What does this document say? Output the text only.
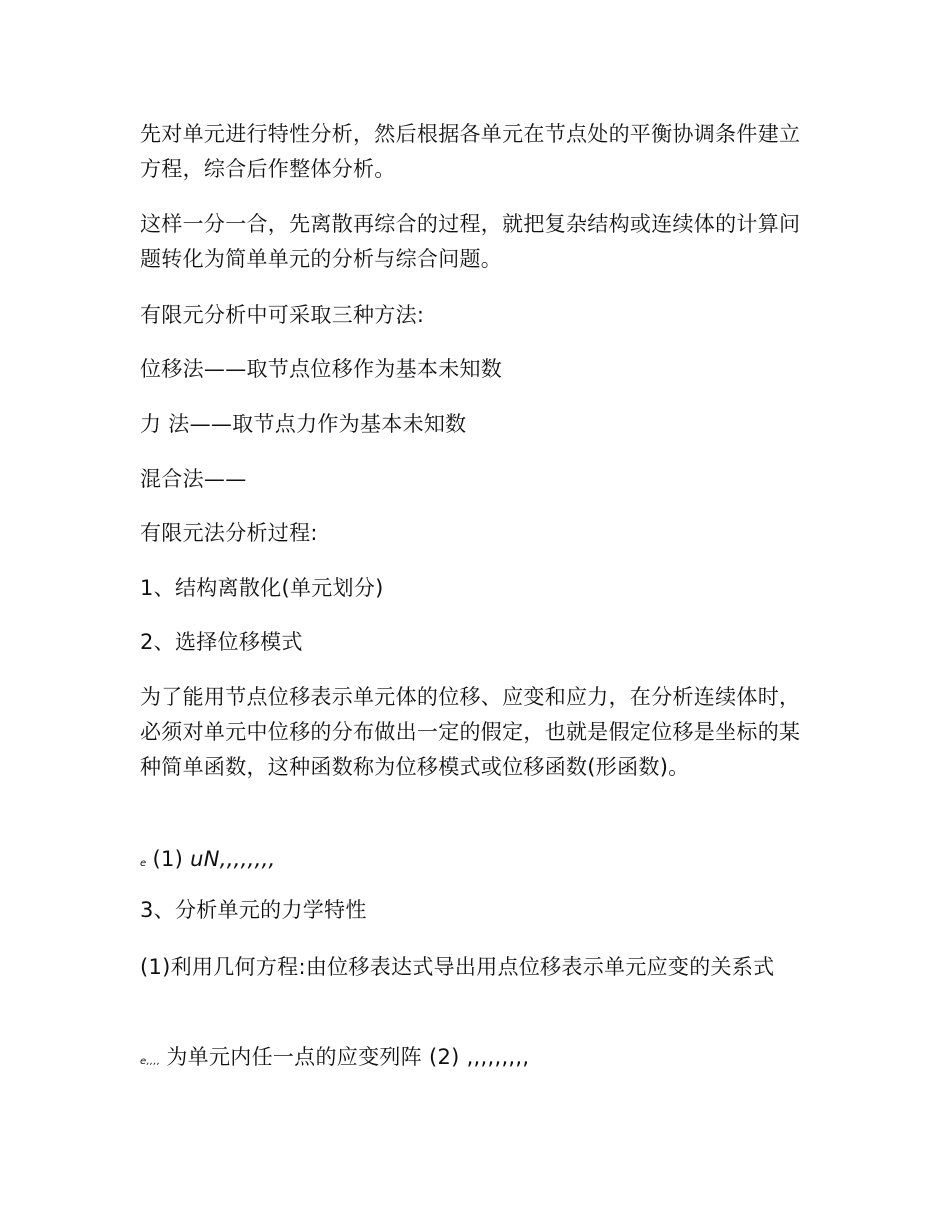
先对单元进行特性分析，然后根据各单元在节点处的平衡协调条件建立方程，综合后作整体分析。

这样一分一合，先离散再综合的过程，就把复杂结构或连续体的计算问题转化为简单单元的分析与综合问题。

有限元分析中可采取三种方法:

位移法——取节点位移作为基本未知数

力 法——取节点力作为基本未知数

混合法——

有限元法分析过程:

1、结构离散化(单元划分)

2、选择位移模式

为了能用节点位移表示单元体的位移、应变和应力，在分析连续体时，必须对单元中位移的分布做出一定的假定，也就是假定位移是坐标的某种简单函数，这种函数称为位移模式或位移函数(形函数)。

e (1) uN,,,,,,,,

3、分析单元的力学特性

(1)利用几何方程:由位移表达式导出用点位移表示单元应变的关系式

e,,,, 为单元内任一点的应变列阵 (2) ,,,,,,,,,
